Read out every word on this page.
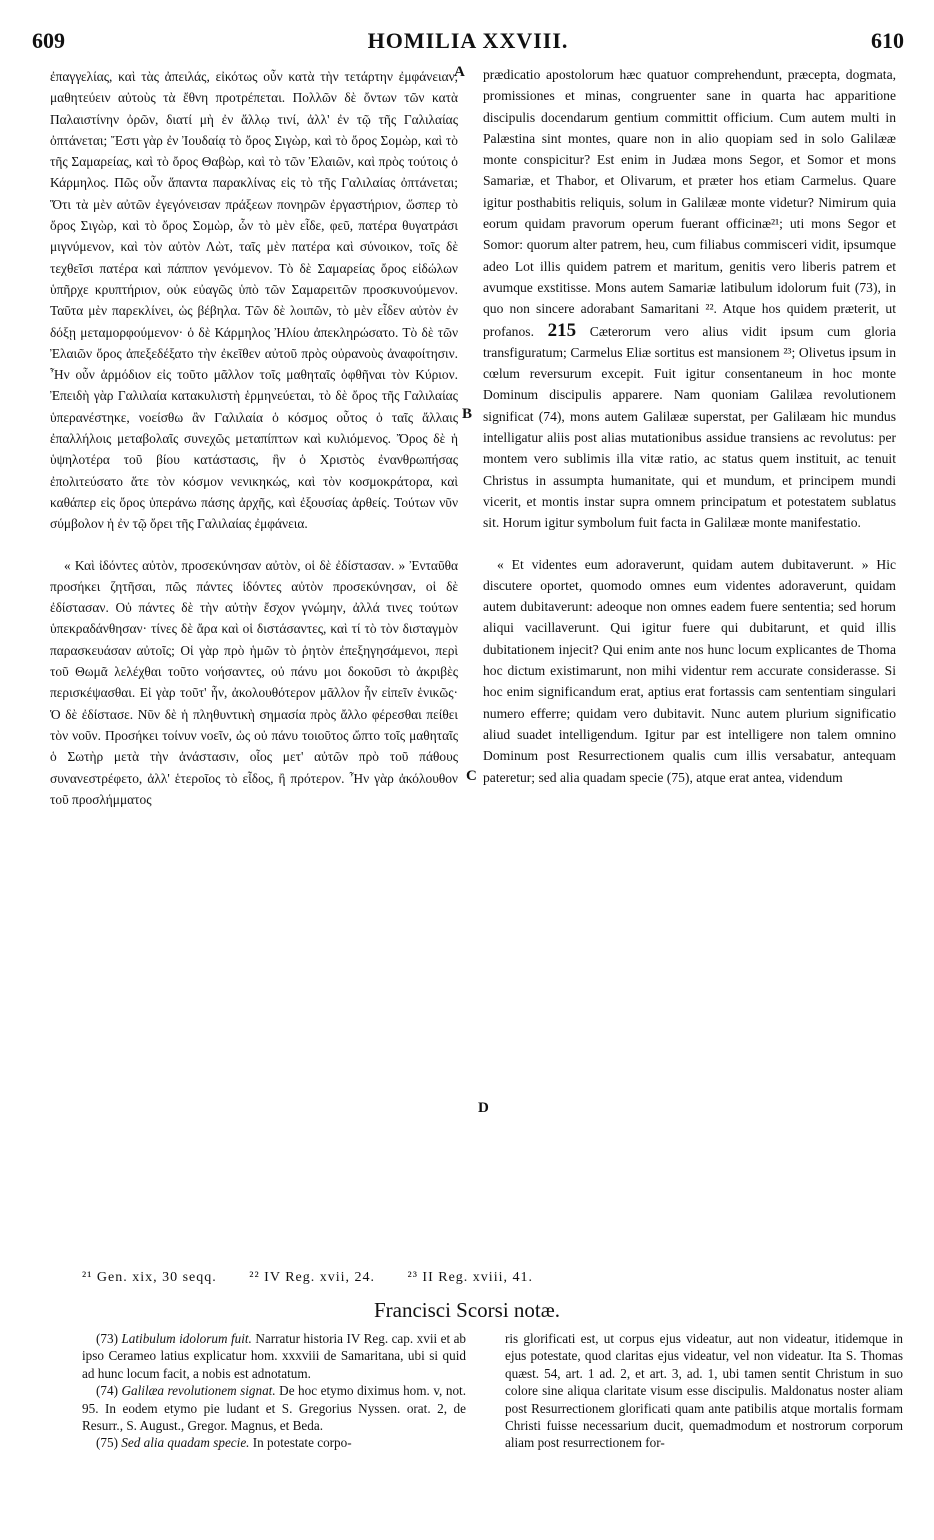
609	HOMILIA XXVIII.	610

ἐπαγγελίας, καὶ τὰς ἀπειλάς, εἰκότως οὖν κατὰ τὴν τετάρτην ἐμφάνειαν, μαθητεύειν αὐτοὺς τὰ ἔθνη προτρέπεται. Πολλῶν δὲ ὄντων τῶν κατὰ Παλαιστίνην ὀρῶν, διατί μὴ ἐν ἄλλῳ τινί, ἀλλ' ἐν τῷ τῆς Γαλιλαίας ὀπτάνεται; Ἔστι γὰρ ἐν Ἰουδαίᾳ τὸ ὄρος Σιγὼρ, καὶ τὸ ὄρος Σομὼρ, καὶ τὸ τῆς Σαμαρείας, καὶ τὸ ὄρος Θαβὼρ, καὶ τὸ τῶν Ἐλαιῶν, καὶ πρὸς τούτοις ὁ Κάρμηλος. Πῶς οὖν ἅπαντα παρακλίνας εἰς τὸ τῆς Γαλιλαίας ὀπτάνεται; Ὅτι τὰ μὲν αὐτῶν ἐγεγόνεισαν πράξεων πονηρῶν ἐργαστήριον, ὥσπερ τὸ ὄρος Σιγὼρ, καὶ τὸ ὄρος Σομὼρ, ὧν τὸ μὲν εἶδε, φεῦ, πατέρα θυγατράσι μιγνύμενον, καὶ τὸν αὐτὸν Λὼτ, ταῖς μὲν πατέρα καὶ σύνοικον, τοῖς δὲ τεχθεῖσι πατέρα καὶ πάππον γενόμενον. Τὸ δὲ Σαμαρείας ὄρος εἰδώλων ὑπῆρχε κρυπτήριον, οὐκ εὐαγῶς ὑπὸ τῶν Σαμαρειτῶν προσκυνούμενον. Ταῦτα μὲν παρεκλίνει, ὡς βέβηλα. Τῶν δὲ λοιπῶν, τὸ μὲν εἶδεν αὐτὸν ἐν δόξῃ μεταμορφούμενον· ὁ δὲ Κάρμηλος Ἠλίου ἀπεκληρώσατο. Τὸ δὲ τῶν Ἐλαιῶν ὄρος ἀπεξεδέξατο τὴν ἐκεῖθεν αὐτοῦ πρὸς οὐρανοὺς ἀναφοίτησιν. Ἦν οὖν ἁρμόδιον εἰς τοῦτο μᾶλλον τοῖς μαθηταῖς ὀφθῆναι τὸν Κύριον. Ἐπειδὴ γὰρ Γαλιλαία κατακυλιστὴ ἑρμηνεύεται, τὸ δὲ ὄρος τῆς Γαλιλαίας ὑπερανέστηκε, νοείσθω ἂν Γαλιλαία ὁ κόσμος οὗτος ὁ ταῖς ἄλλαις ἐπαλλήλοις μεταβολαῖς συνεχῶς μεταπίπτων καὶ κυλιόμενος. Ὄρος δὲ ἡ ὑψηλοτέρα τοῦ βίου κατάστασις, ἣν ὁ Χριστὸς ἐνανθρωπήσας ἐπολιτεύσατο ἅτε τὸν κόσμον νενικηκώς, καὶ τὸν κοσμοκράτορα, καὶ καθάπερ εἰς ὄρος ὑπεράνω πάσης ἀρχῆς, καὶ ἐξουσίας ἀρθείς. Τούτων νῦν σύμβολον ἡ ἐν τῷ ὄρει τῆς Γαλιλαίας ἐμφάνεια.

« Καὶ ἰδόντες αὐτὸν, προσεκύνησαν αὐτὸν, οἱ δὲ ἐδίστασαν. » Ἐνταῦθα προσήκει ζητῆσαι, πῶς πάντες ἰδόντες αὐτὸν προσεκύνησαν, οἱ δὲ ἐδίστασαν. Οὐ πάντες δὲ τὴν αὐτὴν ἔσχον γνώμην, ἀλλά τινες τούτων ὑπεκραδάνθησαν· τίνες δὲ ἄρα καὶ οἱ διστάσαντες, καὶ τί τὸ τὸν δισταγμὸν παρασκευάσαν αὐτοῖς; Οἱ γὰρ πρὸ ἡμῶν τὸ ῥητὸν ἐπεξηγησάμενοι, περὶ τοῦ Θωμᾶ λελέχθαι τοῦτο νοήσαντες, οὐ πάνυ μοι δοκοῦσι τὸ ἀκριβὲς περισκέψασθαι. Εἰ γὰρ τοῦτ' ἦν, ἀκολουθότερον μᾶλλον ἦν εἰπεῖν ἑνικῶς· Ὁ δὲ ἐδίστασε. Νῦν δὲ ἡ πληθυντικὴ σημασία πρὸς ἄλλο φέρεσθαι πείθει τὸν νοῦν. Προσήκει τοίνυν νοεῖν, ὡς οὐ πάνυ τοιοῦτος ὤπτο τοῖς μαθηταῖς ὁ Σωτὴρ μετὰ τὴν ἀνάστασιν, οἷος μετ' αὐτῶν πρὸ τοῦ πάθους συνανεστρέφετο, ἀλλ' ἑτεροῖος τὸ εἶδος, ἢ πρότερον. Ἦν γὰρ ἀκόλουθον τοῦ προσλήμματος

A
B
C
D

prædicatio apostolorum hæc quatuor comprehendunt, præcepta, dogmata, promissiones et minas, congruenter sane in quarta hac apparitione discipulis docendarum gentium committit officium. Cum autem multi in Palæstina sint montes, quare non in alio quopiam sed in solo Galilææ monte conspicitur? Est enim in Judæa mons Segor, et Somor et mons Samariæ, et Thabor, et Olivarum, et præter hos etiam Carmelus. Quare igitur posthabitis reliquis, solum in Galilææ monte videtur? Nimirum quia eorum quidam pravorum operum fuerant officinæ²¹; uti mons Segor et Somor: quorum alter patrem, heu, cum filiabus commisceri vidit, ipsumque adeo Lot illis quidem patrem et maritum, genitis vero liberis patrem et avumque exstitisse. Mons autem Samariæ latibulum idolorum fuit (73), in quo non sincere adorabant Samaritani ²². Atque hos quidem præterit, ut profanos. 215 Cæterorum vero alius vidit ipsum cum gloria transfiguratum; Carmelus Eliæ sortitus est mansionem ²³; Olivetus ipsum in cœlum reversurum excepit. Fuit igitur consentaneum in hoc monte Dominum discipulis apparere. Nam quoniam Galilæa revolutionem significat (74), mons autem Galilææ superstat, per Galilæam hic mundus intelligatur aliis post alias mutationibus assidue transiens ac revolutus: per montem vero sublimis illa vitæ ratio, ac status quem instituit, ac tenuit Christus in assumpta humanitate, qui et mundum, et principem mundi vicerit, et montis instar supra omnem principatum et potestatem sublatus sit. Horum igitur symbolum fuit facta in Galilææ monte manifestatio.

« Et videntes eum adoraverunt, quidam autem dubitaverunt. » Hic discutere oportet, quomodo omnes eum videntes adoraverunt, quidam autem dubitaverunt: adeoque non omnes eadem fuere sententia; sed horum aliqui vacillaverunt. Qui igitur fuere qui dubitarunt, et quid illis dubitationem injecit? Qui enim ante nos hunc locum explicantes de Thoma hoc dictum existimarunt, non mihi videntur rem accurate considerasse. Si hoc enim significandum erat, aptius erat fortassis cam sententiam singulari numero efferre; quidam vero dubitavit. Nunc autem plurium significatio aliud suadet intelligendum. Igitur par est intelligere non talem omnino Dominum post Resurrectionem qualis cum illis versabatur, antequam pateretur; sed alia quadam specie (75), atque erat antea, videndum

²¹ Gen. xix, 30 seqq. ²² IV Reg. xvii, 24. ²³ II Reg. xviii, 41.
Francisci Scorsi notæ.

(73) Latibulum idolorum fuit. Narratur historia IV Reg. cap. xvii et ab ipso Cerameo latius explicatur hom. xxxviii de Samaritana, ubi si quid ad hunc locum facit, a nobis est adnotatum.

(74) Galilæa revolutionem signat. De hoc etymo diximus hom. v, not. 95. In eodem etymo pie ludant et S. Gregorius Nyssen. orat. 2, de Resurr., S. August., Gregor. Magnus, et Beda.

(75) Sed alia quadam specie. In potestate corpo-

ris glorificati est, ut corpus ejus videatur, aut non videatur, itidemque in ejus potestate, quod claritas ejus videatur, vel non videatur. Ita S. Thomas quæst. 54, art. 1 ad. 2, et art. 3, ad. 1, ubi tamen sentit Christum in suo colore sine aliqua claritate visum esse discipulis. Maldonatus noster aliam post Resurrectionem glorificati quam ante patibilis atque mortalis formam Christi fuisse necessarium ducit, quemadmodum et nostrorum corporum aliam post resurrectionem for-
